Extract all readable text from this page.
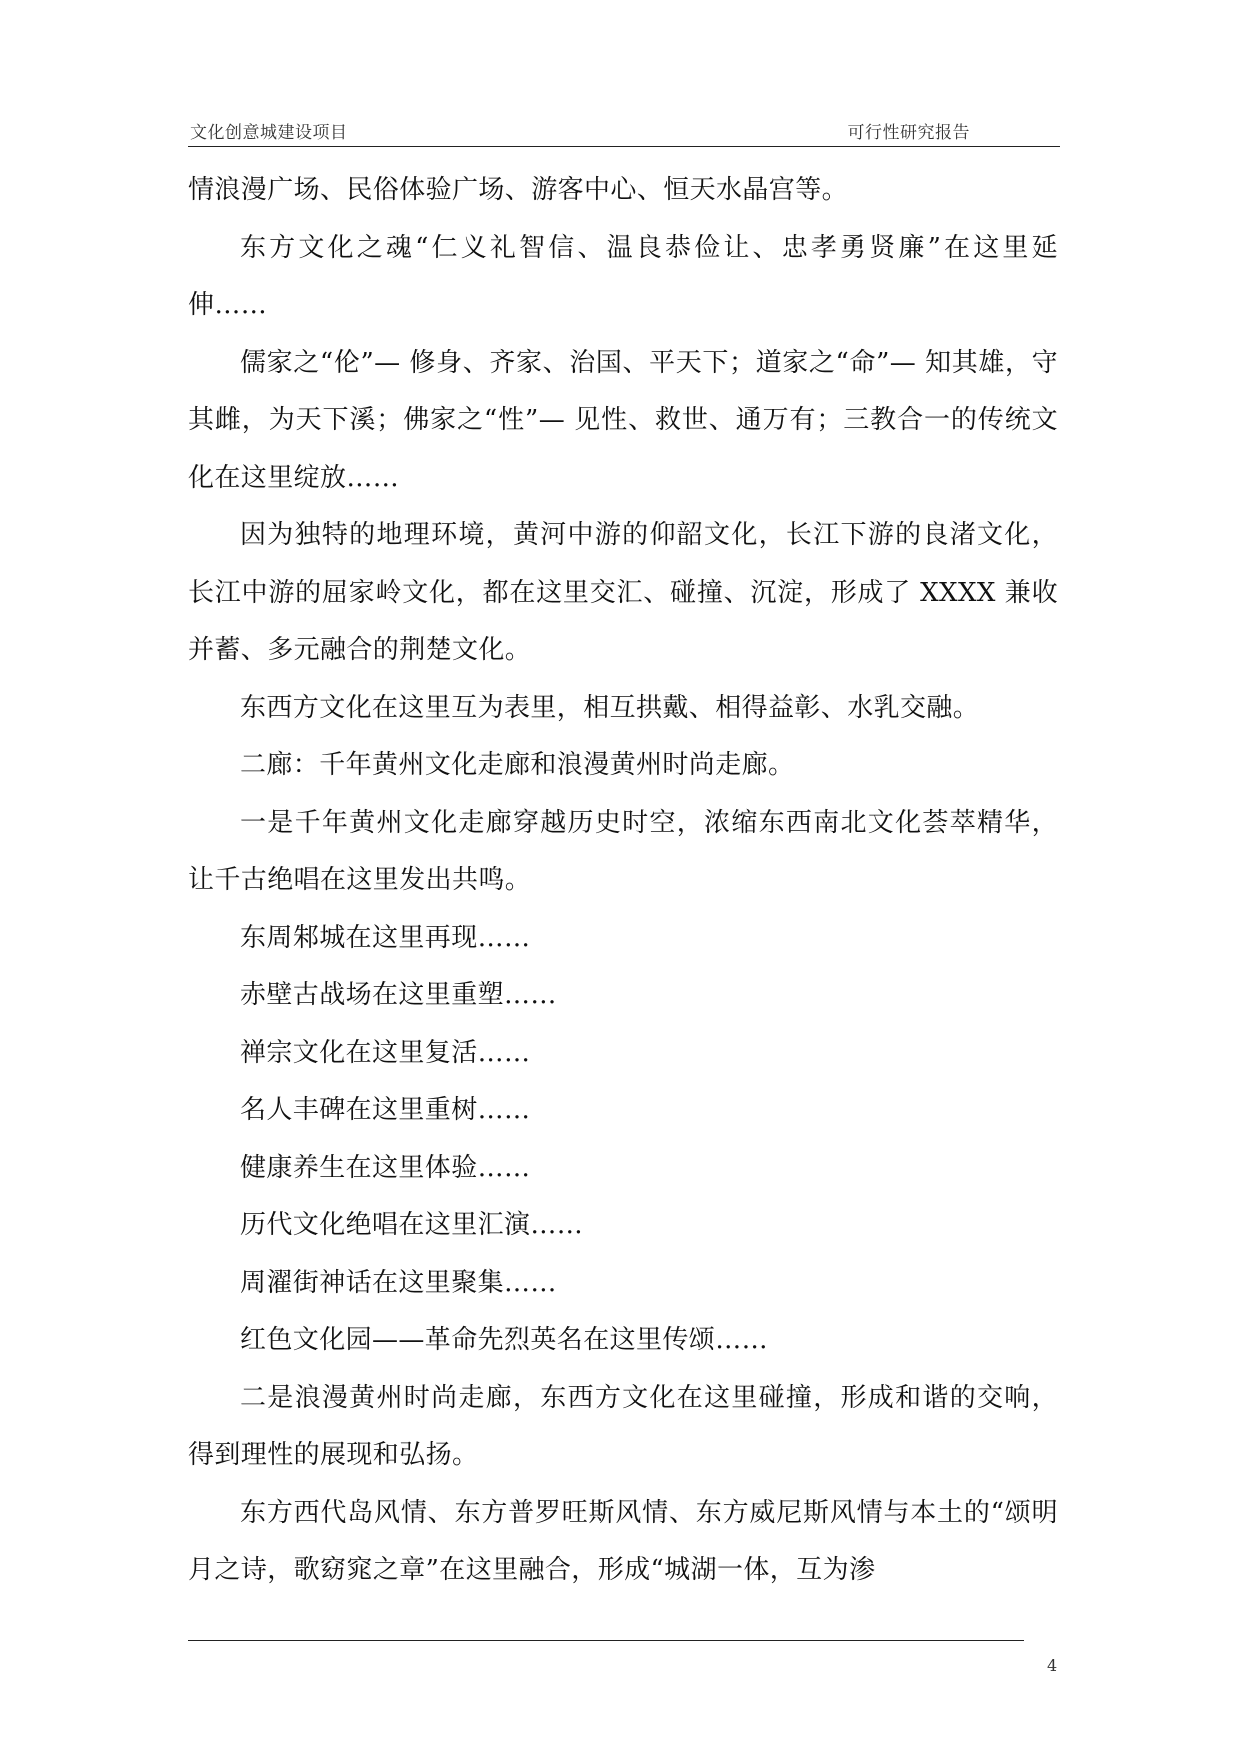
文化创意城建设项目	可行性研究报告

情浪漫广场、民俗体验广场、游客中心、恒天水晶宫等。

东方文化之魂“仁义礼智信、温良恭俭让、忠孝勇贤廉”在这里延伸……

儒家之“伦”— 修身、齐家、治国、平天下；道家之“命”— 知其雄，守其雌，为天下溪；佛家之“性”— 见性、救世、通万有；三教合一的传统文化在这里绽放……

因为独特的地理环境，黄河中游的仰韶文化，长江下游的良渚文化，长江中游的屈家岭文化，都在这里交汇、碰撞、沉淀，形成了 XXXX 兼收并蓄、多元融合的荆楚文化。

东西方文化在这里互为表里，相互拱戴、相得益彰、水乳交融。

二廊：千年黄州文化走廊和浪漫黄州时尚走廊。

一是千年黄州文化走廊穿越历史时空，浓缩东西南北文化荟萃精华，让千古绝唱在这里发出共鸣。

东周邾城在这里再现……

赤壁古战场在这里重塑……

禅宗文化在这里复活……

名人丰碑在这里重树……

健康养生在这里体验……

历代文化绝唱在这里汇演……

周濯街神话在这里聚集……

红色文化园——革命先烈英名在这里传颂……

二是浪漫黄州时尚走廊，东西方文化在这里碰撞，形成和谐的交响，得到理性的展现和弘扬。

东方西代岛风情、东方普罗旺斯风情、东方威尼斯风情与本土的“颂明月之诗，歌窈窕之章”在这里融合，形成“城湖一体，互为渗

4
